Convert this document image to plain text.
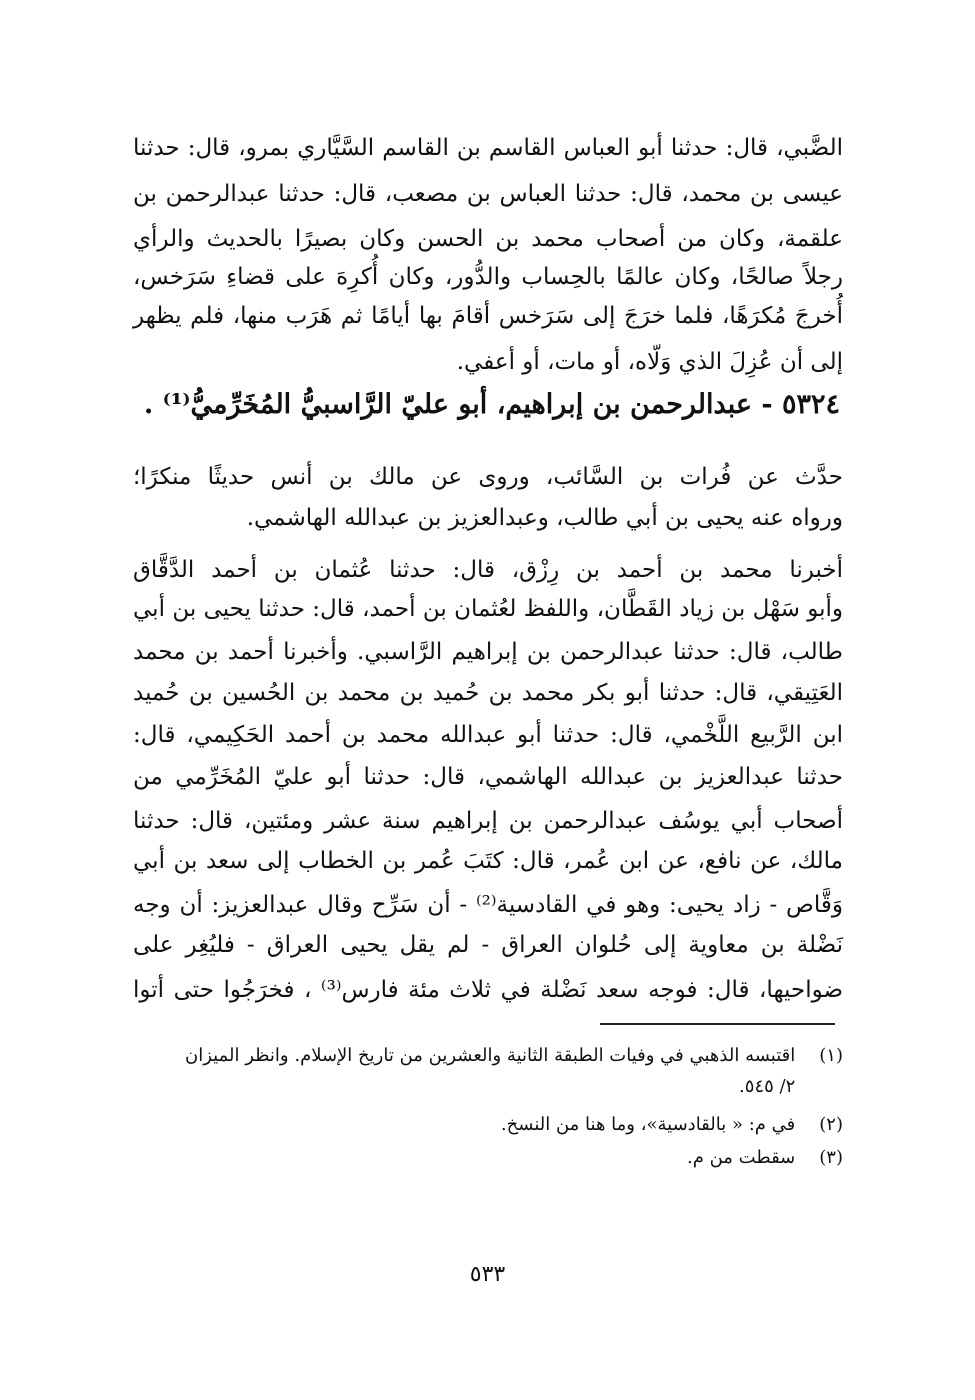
الضَّبي، قال: حدثنا أبو العباس القاسم بن القاسم السَّيَّاري بمرو، قال: حدثنا
عيسى بن محمد، قال: حدثنا العباس بن مصعب، قال: حدثنا عبدالرحمن بن
علقمة، وكان من أصحاب محمد بن الحسن وكان بصيرًا بالحديث والرأي
رجلاً صالحًا، وكان عالمًا بالحِساب والدُّور، وكان أُكرِهَ على قضاءِ سَرَخس،
أُخرجَ مُكرَهًا، فلما خرَجَ إلى سَرَخس أقامَ بها أيامًا ثم هَرَب منها، فلم يظهر
إلى أن عُزِلَ الذي وَلّاه، أو مات، أو أعفي.
٥٣٢٤ - عبدالرحمن بن إبراهيم، أبو عليّ الرَّاسبيُّ المُخَرِّميُّ⁽¹⁾ .
حدَّث عن فُرات بن السَّائب، وروى عن مالك بن أنس حديثًا منكرًا؛
ورواه عنه يحيى بن أبي طالب، وعبدالعزيز بن عبدالله الهاشمي.
أخبرنا محمد بن أحمد بن رِزْق، قال: حدثنا عُثمان بن أحمد الدَّقَّاق
وأبو سَهْل بن زياد القَطَّان، واللفظ لعُثمان بن أحمد، قال: حدثنا يحيى بن أبي
طالب، قال: حدثنا عبدالرحمن بن إبراهيم الرَّاسبي. وأخبرنا أحمد بن محمد
العَتِيقي، قال: حدثنا أبو بكر محمد بن حُميد بن محمد بن الحُسين بن حُميد
ابن الرَّبيع اللَّخْمي، قال: حدثنا أبو عبدالله محمد بن أحمد الحَكِيمي، قال:
حدثنا عبدالعزيز بن عبدالله الهاشمي، قال: حدثنا أبو عليّ المُخَرِّمي من
أصحاب أبي يوسُف عبدالرحمن بن إبراهيم سنة عشر ومئتين، قال: حدثنا
مالك، عن نافع، عن ابن عُمر، قال: كتَبَ عُمر بن الخطاب إلى سعد بن أبي
وَقَّاص - زاد يحيى: وهو في القادسية⁽²⁾ - أن سَرِّح وقال عبدالعزيز: أن وجه
نَضْلة بن معاوية إلى حُلوان العراق - لم يقل يحيى العراق - فليُغِر على
ضواحيها، قال: فوجه سعد نَضْلة في ثلاث مئة فارس⁽³⁾ ، فخرَجُوا حتى أتوا
(١) اقتبسه الذهبي في وفيات الطبقة الثانية والعشرين من تاريخ الإسلام. وانظر الميزان
٢/ ٥٤٥.
(٢) في م: « بالقادسية»، وما هنا من النسخ.
(٣) سقطت من م.
٥٣٣
